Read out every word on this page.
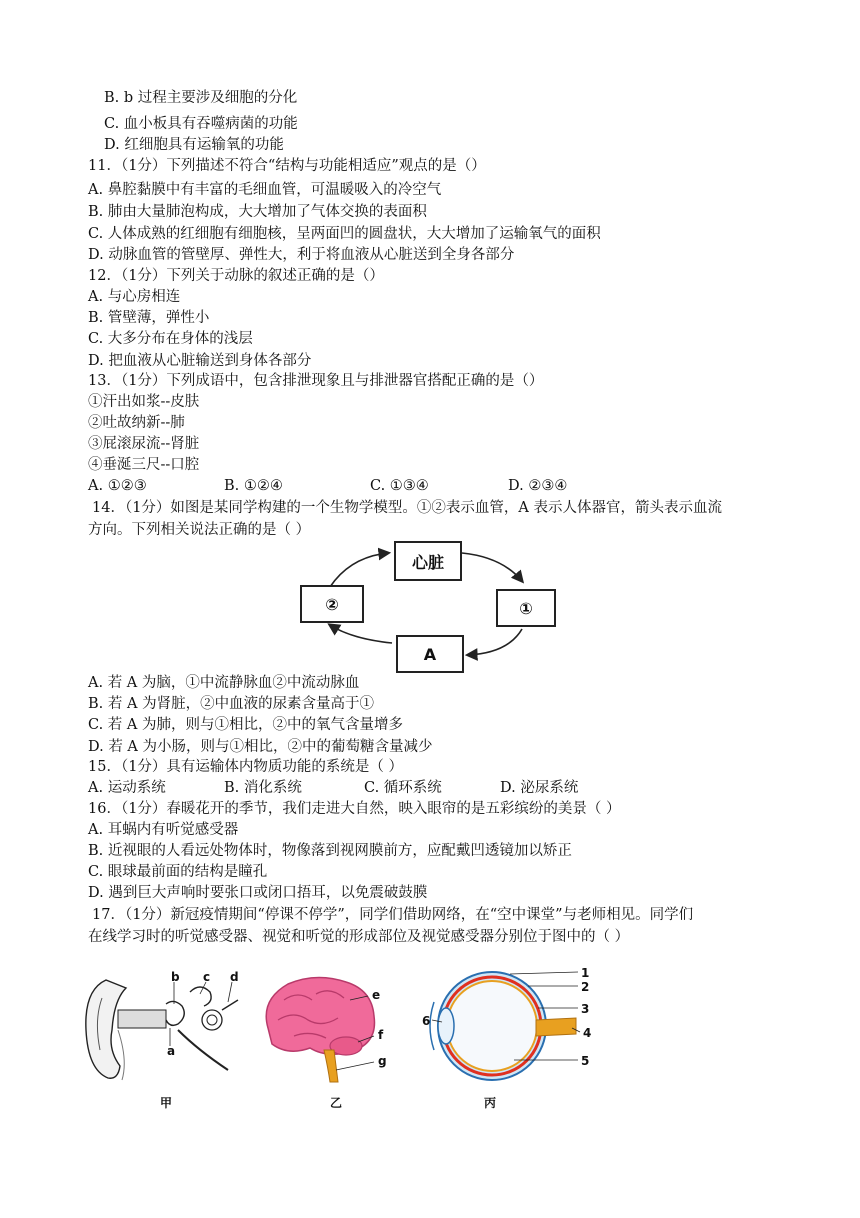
B. b 过程主要涉及细胞的分化
C. 血小板具有吞噬病菌的功能
D. 红细胞具有运输氧的功能
11．（1分）下列描述不符合“结构与功能相适应”观点的是（）
A. 鼻腔黏膜中有丰富的毛细血管，可温暖吸入的冷空气
B. 肺由大量肺泡构成，大大增加了气体交换的表面积
C. 人体成熟的红细胞有细胞核，呈两面凹的圆盘状，大大增加了运输氧气的面积
D. 动脉血管的管壁厚、弹性大，利于将血液从心脏送到全身各部分
12．（1分）下列关于动脉的叙述正确的是（）
A. 与心房相连
B. 管壁薄，弹性小
C. 大多分布在身体的浅层
D. 把血液从心脏输送到身体各部分
13．（1分）下列成语中，包含排泄现象且与排泄器官搭配正确的是（）
①汗出如浆--皮肤
②吐故纳新--肺
③屁滚尿流--肾脏
④垂涎三尺--口腔
A. ①②③	B. ①②④	C. ①③④	D. ②③④
14．（1分）如图是某同学构建的一个生物学模型。①②表示血管，A 表示人体器官，箭头表示血流
方向。下列相关说法正确的是（ ）
心脏
②	①
A
A. 若 A 为脑，①中流静脉血②中流动脉血
B. 若 A 为肾脏，②中血液的尿素含量高于①
C. 若 A 为肺，则与①相比，②中的氧气含量增多
D. 若 A 为小肠，则与①相比，②中的葡萄糖含量减少
15．（1分）具有运输体内物质功能的系统是（ ）
A. 运动系统	B. 消化系统	C. 循环系统	D. 泌尿系统
16．（1分）春暖花开的季节，我们走进大自然，映入眼帘的是五彩缤纷的美景（ ）
A. 耳蜗内有听觉感受器
B. 近视眼的人看远处物体时，物像落到视网膜前方，应配戴凹透镜加以矫正
C. 眼球最前面的结构是瞳孔
D. 遇到巨大声响时要张口或闭口捂耳，以免震破鼓膜
17．（1分）新冠疫情期间“停课不停学”，同学们借助网络，在“空中课堂”与老师相见。同学们
在线学习时的听觉感受器、视觉和听觉的形成部位及视觉感受器分别位于图中的（ ）
b c d
a
甲
e
f
g
乙
1
2
3
4
5
6
丙
